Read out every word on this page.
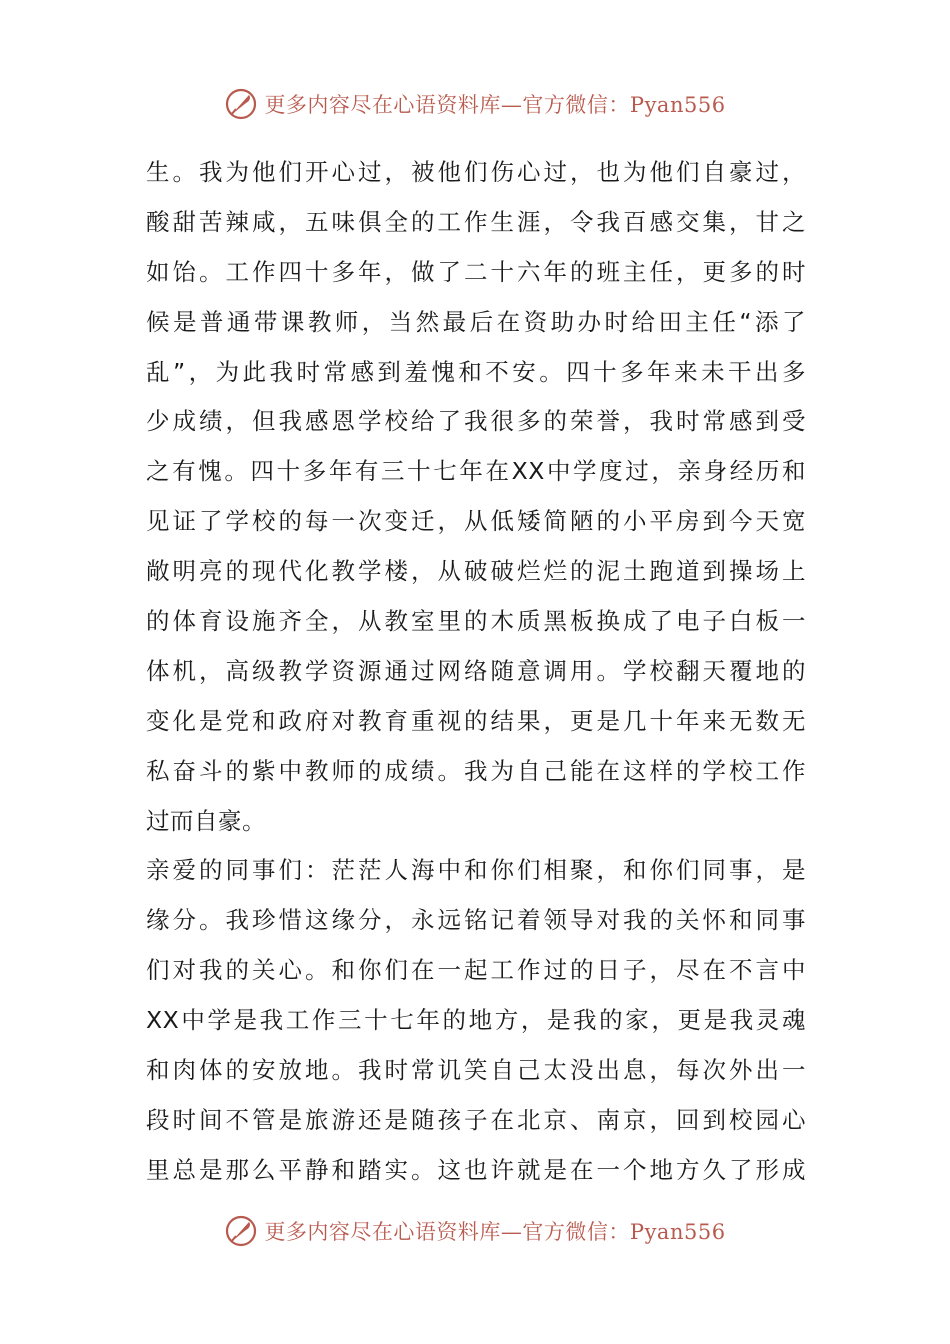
更多内容尽在心语资料库—官方微信：Pyan556
生。我为他们开心过，被他们伤心过，也为他们自豪过，
酸甜苦辣咸，五味俱全的工作生涯，令我百感交集，甘之
如饴。工作四十多年，做了二十六年的班主任，更多的时
候是普通带课教师，当然最后在资助办时给田主任“添了
乱”，为此我时常感到羞愧和不安。四十多年来未干出多
少成绩，但我感恩学校给了我很多的荣誉，我时常感到受
之有愧。四十多年有三十七年在XX中学度过，亲身经历和
见证了学校的每一次变迁，从低矮简陋的小平房到今天宽
敞明亮的现代化教学楼，从破破烂烂的泥土跑道到操场上
的体育设施齐全，从教室里的木质黑板换成了电子白板一
体机，高级教学资源通过网络随意调用。学校翻天覆地的
变化是党和政府对教育重视的结果，更是几十年来无数无
私奋斗的紫中教师的成绩。我为自己能在这样的学校工作
过而自豪。
亲爱的同事们：茫茫人海中和你们相聚，和你们同事，是
缘分。我珍惜这缘分，永远铭记着领导对我的关怀和同事
们对我的关心。和你们在一起工作过的日子，尽在不言中
XX中学是我工作三十七年的地方，是我的家，更是我灵魂
和肉体的安放地。我时常讥笑自己太没出息，每次外出一
段时间不管是旅游还是随孩子在北京、南京，回到校园心
里总是那么平静和踏实。这也许就是在一个地方久了形成
更多内容尽在心语资料库—官方微信：Pyan556
